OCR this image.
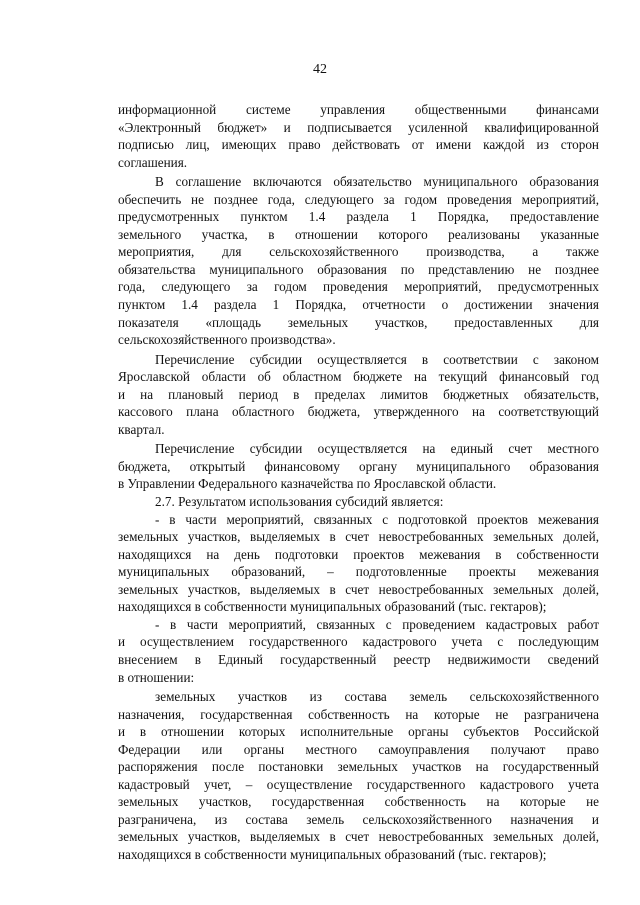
42
информационной системе управления общественными финансами
«Электронный бюджет» и подписывается усиленной квалифицированной
подписью лиц, имеющих право действовать от имени каждой из сторон
соглашения.
В соглашение включаются обязательство муниципального образования
обеспечить не позднее года, следующего за годом проведения мероприятий,
предусмотренных пунктом 1.4 раздела 1 Порядка, предоставление
земельного участка, в отношении которого реализованы указанные
мероприятия, для сельскохозяйственного производства, а также
обязательства муниципального образования по представлению не позднее
года, следующего за годом проведения мероприятий, предусмотренных
пунктом 1.4 раздела 1 Порядка, отчетности о достижении значения
показателя «площадь земельных участков, предоставленных для
сельскохозяйственного производства».
Перечисление субсидии осуществляется в соответствии с законом
Ярославской области об областном бюджете на текущий финансовый год
и на плановый период в пределах лимитов бюджетных обязательств,
кассового плана областного бюджета, утвержденного на соответствующий
квартал.
Перечисление субсидии осуществляется на единый счет местного
бюджета, открытый финансовому органу муниципального образования
в Управлении Федерального казначейства по Ярославской области.
2.7. Результатом использования субсидий является:
- в части мероприятий, связанных с подготовкой проектов межевания
земельных участков, выделяемых в счет невостребованных земельных долей,
находящихся на день подготовки проектов межевания в собственности
муниципальных образований, – подготовленные проекты межевания
земельных участков, выделяемых в счет невостребованных земельных долей,
находящихся в собственности муниципальных образований (тыс. гектаров);
- в части мероприятий, связанных с проведением кадастровых работ
и осуществлением государственного кадастрового учета с последующим
внесением в Единый государственный реестр недвижимости сведений
в отношении:
земельных участков из состава земель сельскохозяйственного
назначения, государственная собственность на которые не разграничена
и в отношении которых исполнительные органы субъектов Российской
Федерации или органы местного самоуправления получают право
распоряжения после постановки земельных участков на государственный
кадастровый учет, – осуществление государственного кадастрового учета
земельных участков, государственная собственность на которые не
разграничена, из состава земель сельскохозяйственного назначения и
земельных участков, выделяемых в счет невостребованных земельных долей,
находящихся в собственности муниципальных образований (тыс. гектаров);
